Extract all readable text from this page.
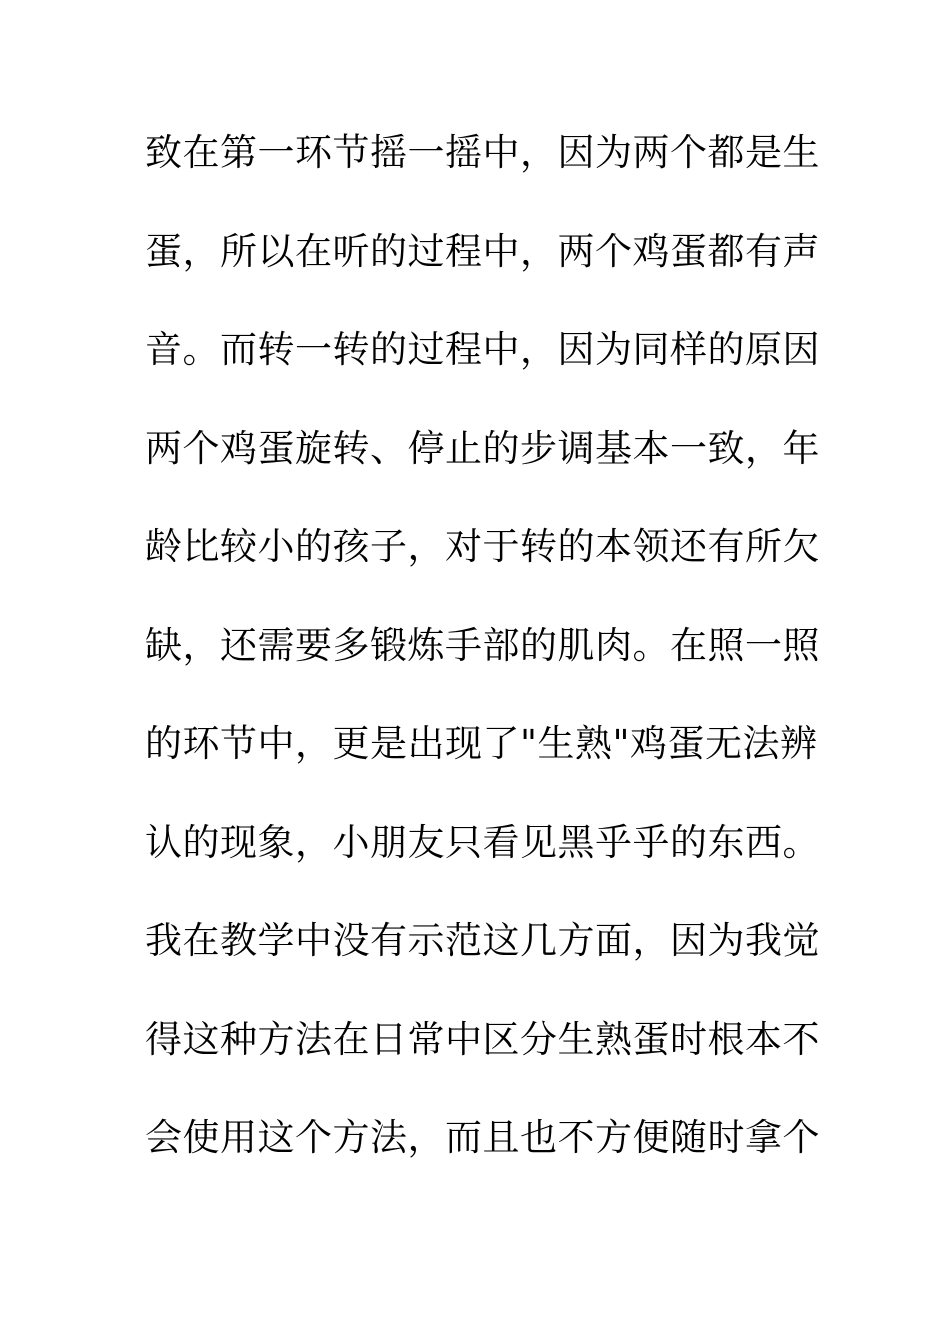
致在第一环节摇一摇中，因为两个都是生
蛋，所以在听的过程中，两个鸡蛋都有声
音。而转一转的过程中，因为同样的原因
两个鸡蛋旋转、停止的步调基本一致，年
龄比较小的孩子，对于转的本领还有所欠
缺，还需要多锻炼手部的肌肉。在照一照
的环节中，更是出现了"生熟"鸡蛋无法辨
认的现象，小朋友只看见黑乎乎的东西。
我在教学中没有示范这几方面，因为我觉
得这种方法在日常中区分生熟蛋时根本不
会使用这个方法，而且也不方便随时拿个
